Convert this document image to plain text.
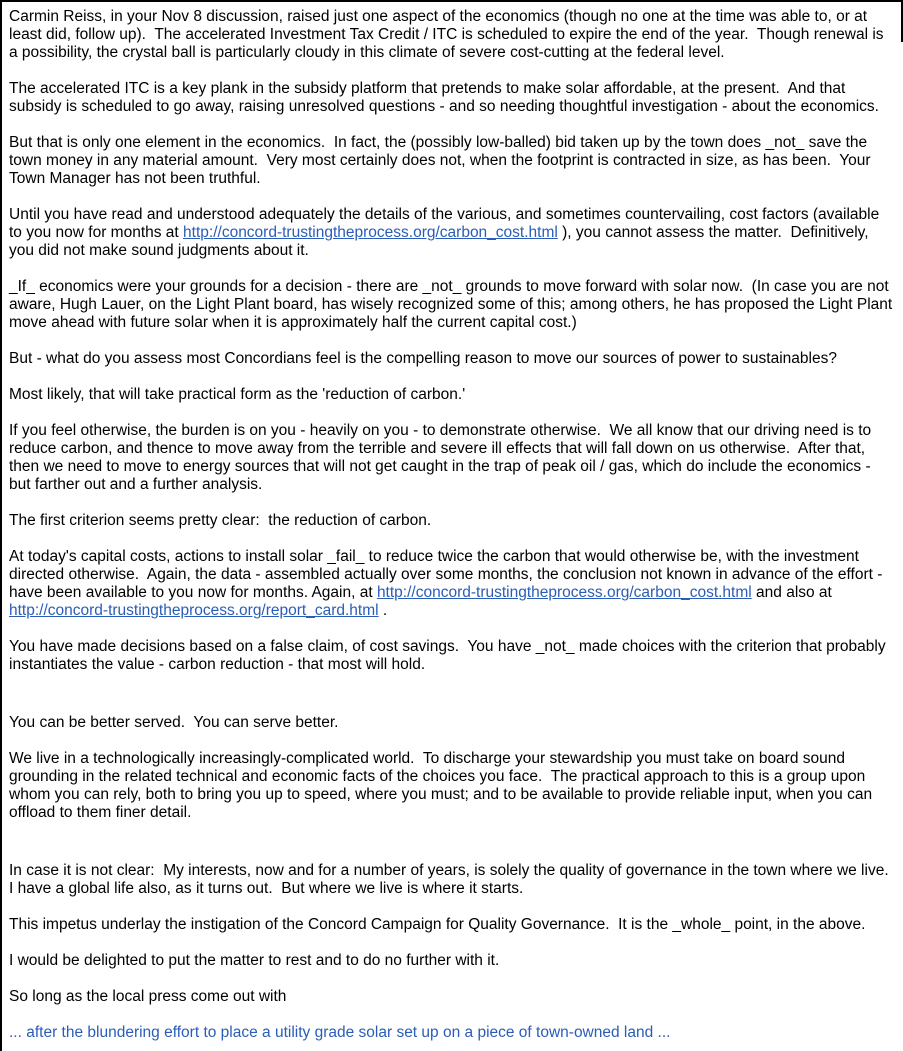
Carmin Reiss, in your Nov 8 discussion, raised just one aspect of the economics (though no one at the time was able to, or at least did, follow up).  The accelerated Investment Tax Credit / ITC is scheduled to expire the end of the year.  Though renewal is a possibility, the crystal ball is particularly cloudy in this climate of severe cost-cutting at the federal level.

The accelerated ITC is a key plank in the subsidy platform that pretends to make solar affordable, at the present.  And that subsidy is scheduled to go away, raising unresolved questions - and so needing thoughtful investigation - about the economics.

But that is only one element in the economics.  In fact, the (possibly low-balled) bid taken up by the town does _not_ save the town money in any material amount.  Very most certainly does not, when the footprint is contracted in size, as has been.  Your Town Manager has not been truthful.

Until you have read and understood adequately the details of the various, and sometimes countervailing, cost factors (available to you now for months at http://concord-trustingtheprocess.org/carbon_cost.html ), you cannot assess the matter.  Definitively, you did not make sound judgments about it.

_If_ economics were your grounds for a decision - there are _not_ grounds to move forward with solar now.  (In case you are not aware, Hugh Lauer, on the Light Plant board, has wisely recognized some of this; among others, he has proposed the Light Plant move ahead with future solar when it is approximately half the current capital cost.)

But - what do you assess most Concordians feel is the compelling reason to move our sources of power to sustainables?

Most likely, that will take practical form as the 'reduction of carbon.'

If you feel otherwise, the burden is on you - heavily on you - to demonstrate otherwise.  We all know that our driving need is to reduce carbon, and thence to move away from the terrible and severe ill effects that will fall down on us otherwise.  After that, then we need to move to energy sources that will not get caught in the trap of peak oil / gas, which do include the economics - but farther out and a further analysis.

The first criterion seems pretty clear:  the reduction of carbon.

At today's capital costs, actions to install solar _fail_ to reduce twice the carbon that would otherwise be, with the investment directed otherwise.  Again, the data - assembled actually over some months, the conclusion not known in advance of the effort - have been available to you now for months. Again, at http://concord-trustingtheprocess.org/carbon_cost.html and also at http://concord-trustingtheprocess.org/report_card.html .

You have made decisions based on a false claim, of cost savings.  You have _not_ made choices with the criterion that probably instantiates the value - carbon reduction - that most will hold.

You can be better served.  You can serve better.

We live in a technologically increasingly-complicated world.  To discharge your stewardship you must take on board sound grounding in the related technical and economic facts of the choices you face.  The practical approach to this is a group upon whom you can rely, both to bring you up to speed, where you must; and to be available to provide reliable input, when you can offload to them finer detail.

In case it is not clear:  My interests, now and for a number of years, is solely the quality of governance in the town where we live.  I have a global life also, as it turns out.  But where we live is where it starts.

This impetus underlay the instigation of the Concord Campaign for Quality Governance.  It is the _whole_ point, in the above.

I would be delighted to put the matter to rest and to do no further with it.

So long as the local press come out with

... after the blundering effort to place a utility grade solar set up on a piece of town-owned land ...
